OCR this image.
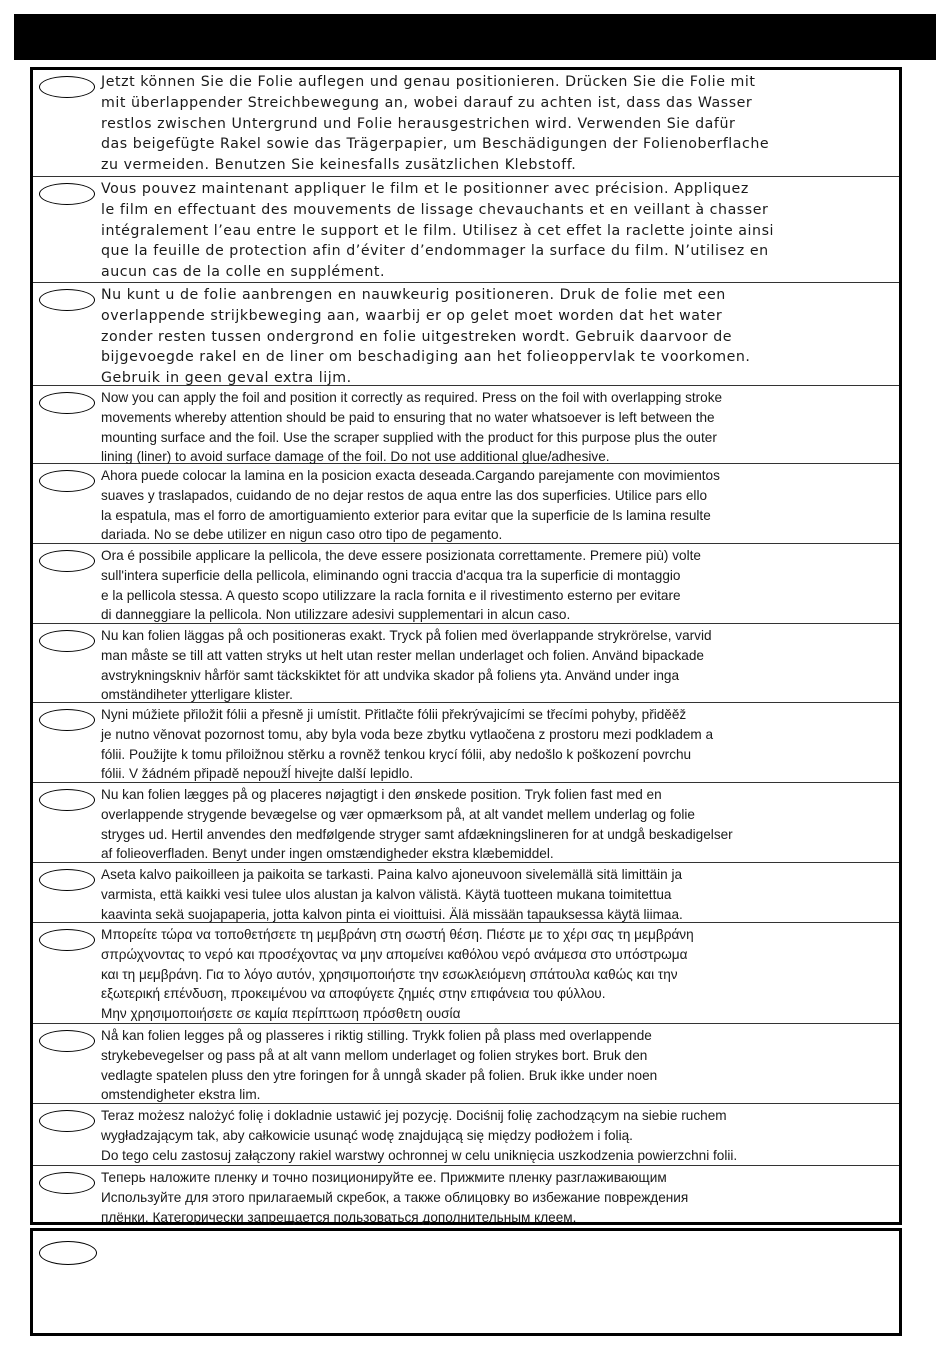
Jetzt können Sie die Folie auflegen und genau positionieren. Drücken Sie die Folie mit
mit überlappender Streichbewegung an, wobei darauf zu achten ist, dass das Wasser
restlos zwischen Untergrund und Folie herausgestrichen wird. Verwenden Sie dafür
das beigefügte Rakel sowie das Trägerpapier, um Beschädigungen der Folienoberflache
zu vermeiden. Benutzen Sie keinesfalls zusätzlichen Klebstoff.

Vous pouvez maintenant appliquer le film et le positionner avec précision. Appliquez
le film en effectuant des mouvements de lissage chevauchants et en veillant à chasser
intégralement l’eau entre le support et le film. Utilisez à cet effet la raclette jointe ainsi
que la feuille de protection afin d’éviter d’endommager la surface du film. N’utilisez en
aucun cas de la colle en supplément.

Nu kunt u de folie aanbrengen en nauwkeurig positioneren. Druk de folie met een
overlappende strijkbeweging aan, waarbij er op gelet moet worden dat het water
zonder resten tussen ondergrond en folie uitgestreken wordt. Gebruik daarvoor de
bijgevoegde rakel en de liner om beschadiging aan het folieoppervlak te voorkomen.
Gebruik in geen geval extra lijm.

Now you can apply the foil and position it correctly as required. Press on the foil with overlapping stroke
movements whereby attention should be paid to ensuring that no water whatsoever is left between the
mounting surface and the foil. Use the scraper supplied with the product for this purpose plus the outer
lining (liner) to avoid surface damage of the foil. Do not use additional glue/adhesive.

Ahora puede colocar la lamina en la posicion exacta deseada.Cargando parejamente con movimientos
suaves y traslapados, cuidando de no dejar restos de aqua entre las dos superficies. Utilice pars ello
la espatula, mas el forro de amortiguamiento exterior para evitar que la superficie de ls lamina resulte
dariada. No se debe utilizer en nigun caso otro tipo de pegamento.

Ora é possibile applicare la pellicola, the deve essere posizionata correttamente. Premere più) volte
sull'intera superficie della pellicola, eliminando ogni traccia d'acqua tra la superficie di montaggio
e la pellicola stessa. A questo scopo utilizzare la racla fornita e il rivestimento esterno per evitare
di danneggiare la pellicola. Non utilizzare adesivi supplementari in alcun caso.

Nu kan folien läggas på och positioneras exakt. Tryck på folien med överlappande strykrörelse, varvid
man måste se till att vatten stryks ut helt utan rester mellan underlaget och folien. Använd bipackade
avstrykningskniv hårför samt täckskiktet för att undvika skador på foliens yta. Använd under inga
omständiheter ytterligare klister.

Nyni múžiete přiložit fólii a přesně ji umístit. Přitlačte fólii překrývajicími se třecími pohyby, přiděěž
je nutno věnovat pozornost tomu, aby byla voda beze zbytku vytlaočena z prostoru mezi podkladem a
fólii. Použijte k tomu přiloižnou stěrku a rovněž tenkou krycí fólii, aby nedošlo k poškození povrchu
fólii. V žádném připadě nepoužĺ hivejte další lepidlo.

Nu kan folien lægges på og placeres nøjagtigt i den ønskede position. Tryk folien fast med en
overlappende strygende bevægelse og vær opmærksom på, at alt vandet mellem underlag og folie
stryges ud. Hertil anvendes den medfølgende stryger samt afdækningslineren for at undgå beskadigelser
af folieoverfladen. Benyt under ingen omstændigheder ekstra klæbemiddel.

Aseta kalvo paikoilleen ja paikoita se tarkasti. Paina kalvo ajoneuvoon sivelemällä sitä limittäin ja
varmista, että kaikki vesi tulee ulos alustan ja kalvon välistä. Käytä tuotteen mukana toimitettua
kaavinta sekä suojapaperia, jotta kalvon pinta ei vioittuisi. Älä missään tapauksessa käytä liimaa.

Μπορείτε τώρα να τοποθετήσετε τη μεμβράνη στη σωστή θέση. Πιέστε με το χέρι σας τη μεμβράνη
σπρώχνοντας το νερό και προσέχοντας να μην απομείνει καθόλου νερό ανάμεσα στο υπόστρωμα
και τη μεμβράνη. Για το λόγο αυτόν, χρησιμοποιήστε την εσωκλειόμενη σπάτουλα καθώς και την
εξωτερική επένδυση, προκειμένου να αποφύγετε ζημιές στην επιφάνεια του φύλλου.
Μην χρησιμοποιήσετε σε καμία περίπτωση πρόσθετη ουσία

Nå kan folien legges på og plasseres i riktig stilling. Trykk folien på plass med overlappende
strykebevegelser og pass på at alt vann mellom underlaget og folien strykes bort. Bruk den
vedlagte spatelen pluss den ytre foringen for å unngå skader på folien. Bruk ikke under noen
omstendigheter ekstra lim.

Teraz możesz nalożyć folię i dokladnie ustawić jej pozycję. Dociśnij folię zachodzącym na siebie ruchem
wygładzającym tak, aby całkowicie usunąć wodę znajdującą się między podłożem i folią.
Do tego celu zastosuj załączony rakiel warstwy ochronnej w celu uniknięcia uszkodzenia powierzchni folii.

Теперь наложите пленку и точно позиционируйте ее. Прижмите пленку разглаживающим
Используйте для этого прилагаемый скребок, а также облицовку во избежание повреждения
плёнки. Категорически запрещается пользоваться дополнительным клеем.
